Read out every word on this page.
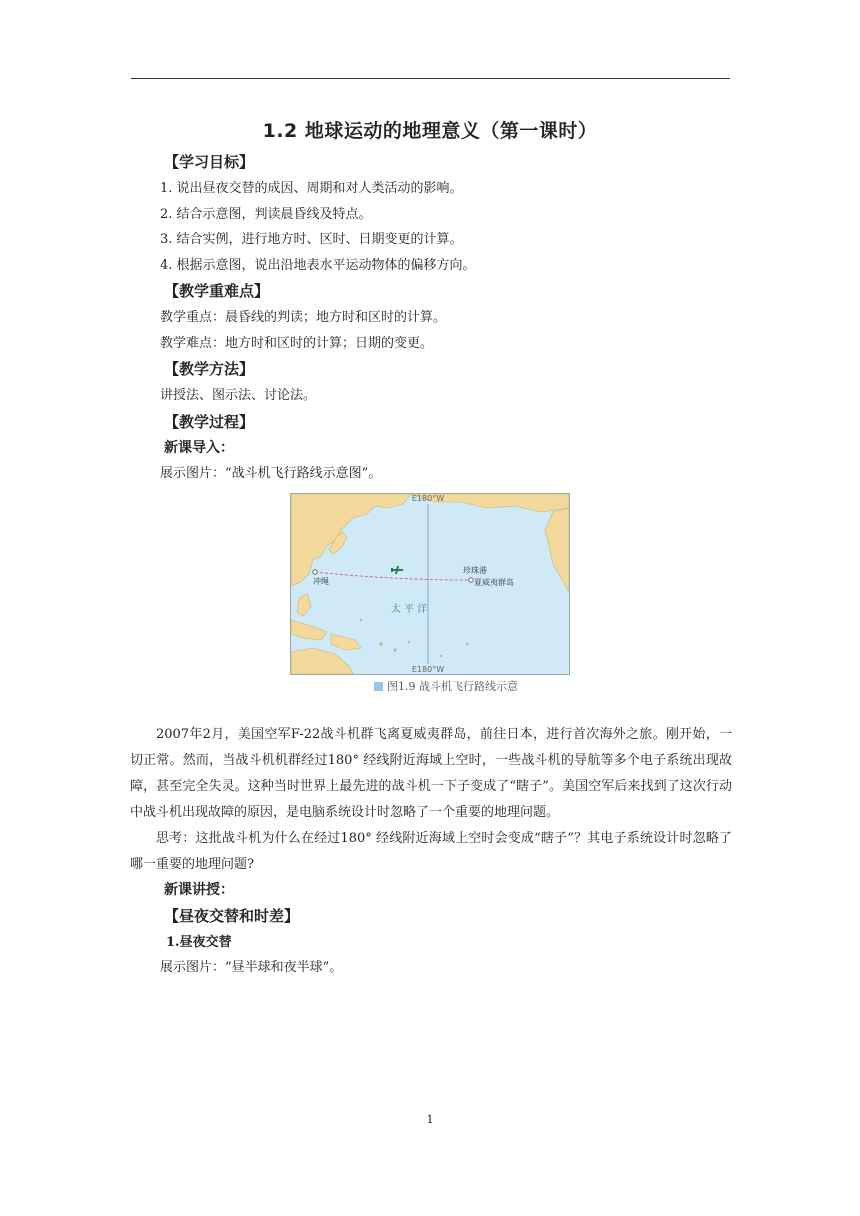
1.2 地球运动的地理意义（第一课时）
【学习目标】
1. 说出昼夜交替的成因、周期和对人类活动的影响。
2. 结合示意图，判读晨昏线及特点。
3. 结合实例，进行地方时、区时、日期变更的计算。
4. 根据示意图，说出沿地表水平运动物体的偏移方向。
【教学重难点】
教学重点：晨昏线的判读；地方时和区时的计算。
教学难点：地方时和区时的计算；日期的变更。
【教学方法】
讲授法、图示法、讨论法。
【教学过程】
新课导入：
展示图片：“战斗机飞行路线示意图”。
E180°W
E180°W
冲绳
珍珠港
夏威夷群岛
太 平 洋
图1.9 战斗机飞行路线示意
2007年2月，美国空军F-22战斗机群飞离夏威夷群岛，前往日本，进行首次海外之旅。刚开始，一切正常。然而，当战斗机机群经过180° 经线附近海域上空时，一些战斗机的导航等多个电子系统出现故障，甚至完全失灵。这种当时世界上最先进的战斗机一下子变成了“瞎子”。美国空军后来找到了这次行动中战斗机出现故障的原因，是电脑系统设计时忽略了一个重要的地理问题。
思考：这批战斗机为什么在经过180° 经线附近海域上空时会变成“瞎子”？其电子系统设计时忽略了哪一重要的地理问题?
新课讲授：
【昼夜交替和时差】
1.昼夜交替
展示图片：“昼半球和夜半球”。
1
